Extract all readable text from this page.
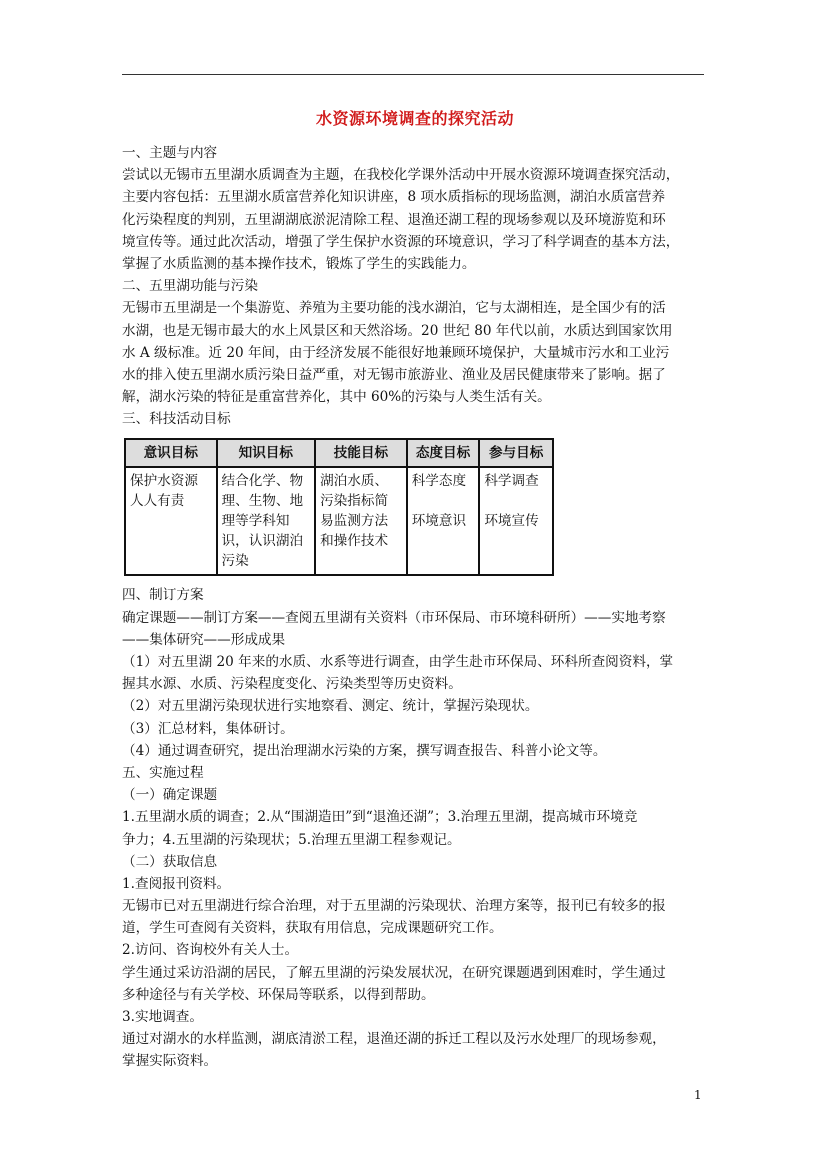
水资源环境调查的探究活动
一、主题与内容
尝试以无锡市五里湖水质调查为主题，在我校化学课外活动中开展水资源环境调查探究活动，
主要内容包括：五里湖水质富营养化知识讲座，8 项水质指标的现场监测，湖泊水质富营养
化污染程度的判别，五里湖湖底淤泥清除工程、退渔还湖工程的现场参观以及环境游览和环
境宣传等。通过此次活动，增强了学生保护水资源的环境意识，学习了科学调查的基本方法，
掌握了水质监测的基本操作技术，锻炼了学生的实践能力。
二、五里湖功能与污染
无锡市五里湖是一个集游览、养殖为主要功能的浅水湖泊，它与太湖相连，是全国少有的活
水湖，也是无锡市最大的水上风景区和天然浴场。20 世纪 80 年代以前，水质达到国家饮用
水 A 级标准。近 20 年间，由于经济发展不能很好地兼顾环境保护，大量城市污水和工业污
水的排入使五里湖水质污染日益严重，对无锡市旅游业、渔业及居民健康带来了影响。据了
解，湖水污染的特征是重富营养化，其中 60%的污染与人类生活有关。
三、科技活动目标
意识目标	知识目标	技能目标	态度目标	参与目标

保护水资源
人人有责	结合化学、物
理、生物、地
理等学科知
识，认识湖泊
污染	湖泊水质、
污染指标简
易监测方法
和操作技术	科学态度
环境意识	科学调查
环境宣传
四、制订方案
确定课题——制订方案——查阅五里湖有关资料（市环保局、市环境科研所）——实地考察
——集体研究——形成成果
（1）对五里湖 20 年来的水质、水系等进行调查，由学生赴市环保局、环科所查阅资料，掌
握其水源、水质、污染程度变化、污染类型等历史资料。
（2）对五里湖污染现状进行实地察看、测定、统计，掌握污染现状。
（3）汇总材料，集体研讨。
（4）通过调查研究，提出治理湖水污染的方案，撰写调查报告、科普小论文等。
五、实施过程
（一）确定课题
1.五里湖水质的调查；2.从“围湖造田”到“退渔还湖”；3.治理五里湖，提高城市环境竞
争力；4.五里湖的污染现状；5.治理五里湖工程参观记。
（二）获取信息
1.查阅报刊资料。
无锡市已对五里湖进行综合治理，对于五里湖的污染现状、治理方案等，报刊已有较多的报
道，学生可查阅有关资料，获取有用信息，完成课题研究工作。
2.访问、咨询校外有关人士。
学生通过采访沿湖的居民，了解五里湖的污染发展状况，在研究课题遇到困难时，学生通过
多种途径与有关学校、环保局等联系，以得到帮助。
3.实地调查。
通过对湖水的水样监测，湖底清淤工程，退渔还湖的拆迁工程以及污水处理厂的现场参观，
掌握实际资料。
1
